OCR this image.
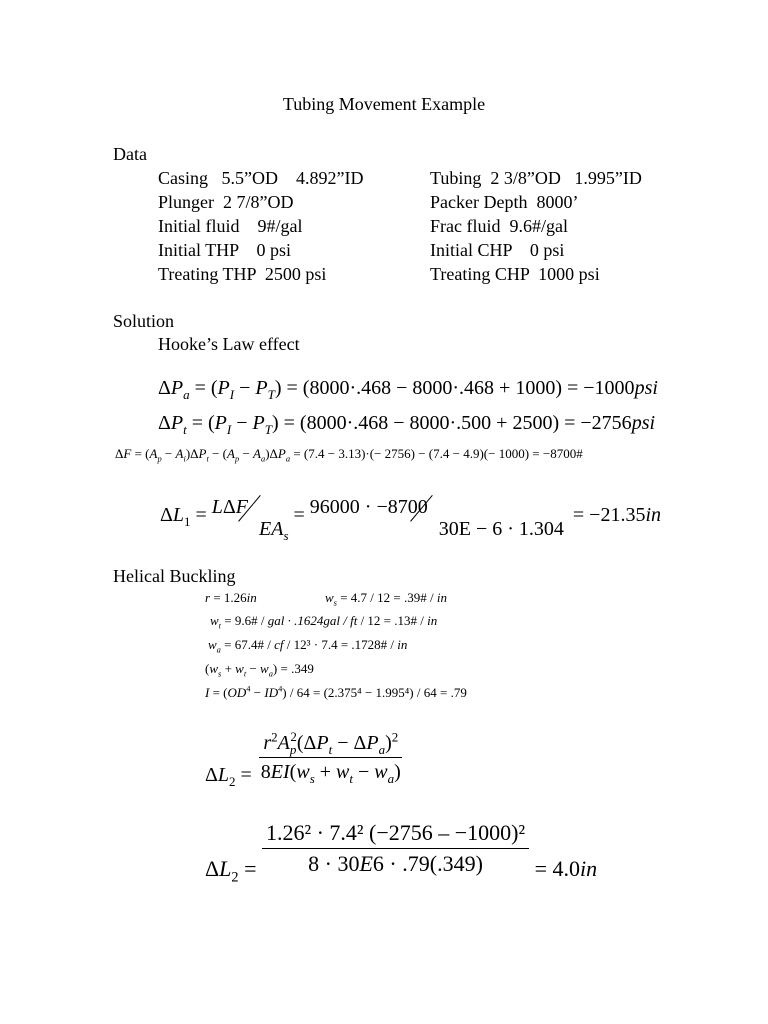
Tubing Movement Example
Data
Casing   5.5”OD    4.892”ID	Tubing  2 3/8”OD   1.995”ID
Plunger  2 7/8”OD	Packer Depth  8000’
Initial fluid    9#/gal	Frac fluid  9.6#/gal
Initial THP    0 psi	Initial CHP    0 psi
Treating THP  2500 psi	Treating CHP  1000 psi
Solution
Hooke’s Law effect
$\Delta P_a = (P_I - P_T) = (8000\cdot.468 - 8000\cdot.468 + 1000) = -1000psi$
$\Delta P_t = (P_I - P_T) = (8000\cdot.468 - 8000\cdot.500 + 2500) = -2756psi$
$\Delta F = (A_p - A_i)\Delta P_t - (A_p - A_a)\Delta P_a = (7.4 - 3.13)\cdot(- 2756) - (7.4 - 4.9)(- 1000)$ = −8700#
$\Delta L_1 = L\Delta F$
$EA_s = 96000 \cdot -8700$
30E − 6 · 1.304 = −21.35in
Helical Buckling
r = 1.26in	$w_s = 4.7 / 12$ = .39# / in
$w_t$ = 9.6# / gal · .1624gal / ft / 12 = .13# / in
$w_a$ = 67.4# / cf / 12³ · 7.4 = .1728# / in
$(w_s + w_t - w_a) = .349$
$I = (OD^4 - ID^4) / 64 = (2.375^4 - 1.995^4) / 64 = .79$
$\Delta L_2 = \frac{r^2A_p^2(\Delta P_t - \Delta P_a)^2}{8EI(w_s + w_t - w_a)}$
$\Delta L_2 = \frac{\text{1.26² · 7.4² (−2756 – −1000)²}}{8 \cdot 30E6 \cdot .79(.349)} = 4.0in$
